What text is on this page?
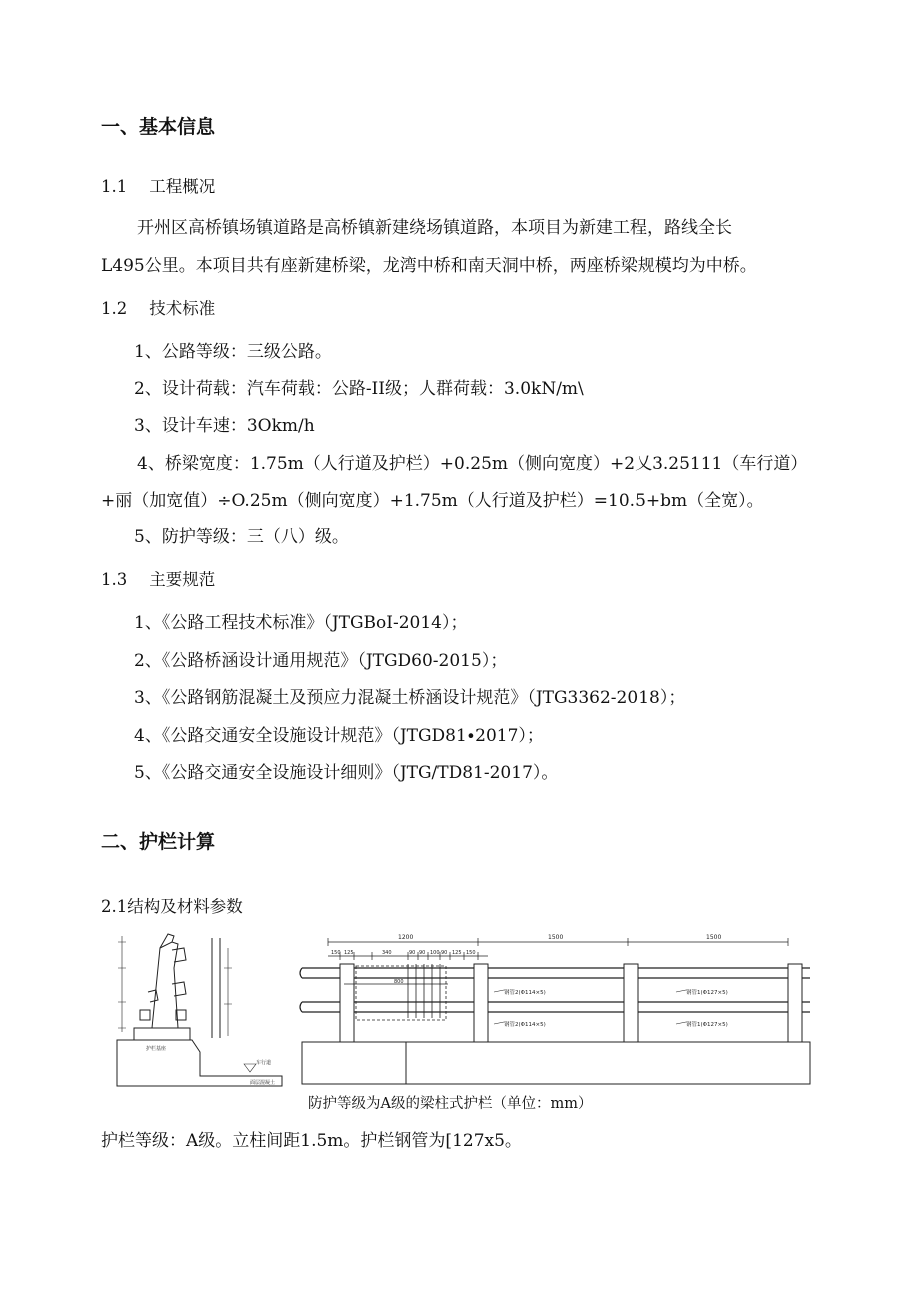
一、基本信息
1.1 工程概况
开州区高桥镇场镇道路是高桥镇新建绕场镇道路，本项目为新建工程，路线全长
L495公里。本项目共有座新建桥梁，龙湾中桥和南天洞中桥，两座桥梁规模均为中桥。
1.2 技术标准
1、公路等级：三级公路。
2、设计荷载：汽车荷载：公路-II级；人群荷载：3.0kN∕m\
3、设计车速：3Okm∕h
4、桥梁宽度：1.75m（人行道及护栏）+0.25m（侧向宽度）+2乂3.25111（车行道）
+丽（加宽值）÷O.25m（侧向宽度）+1.75m（人行道及护栏）=10.5+bm（全宽）。
5、防护等级：三（八）级。
1.3 主要规范
1、《公路工程技术标准》（JTGBoI-2014）；
2、《公路桥涵设计通用规范》（JTGD60-2015）；
3、《公路钢筋混凝土及预应力混凝土桥涵设计规范》（JTG3362-2018）；
4、《公路交通安全设施设计规范》（JTGD81∙2017）；
5、《公路交通安全设施设计细则》（JTG/TD81-2017）。
二、护栏计算
2.1结构及材料参数
护栏基座
车行道
面层混凝土
1200	1500	1500
150 125	340	90 90 100 90 125 150
800
钢管2(Φ114×5)	钢管1(Φ127×5)
钢管2(Φ114×5)	钢管1(Φ127×5)
防护等级为A级的梁柱式护栏（单位：mm）
护栏等级：A级。立柱间距1.5m。护栏钢管为[127x5。
